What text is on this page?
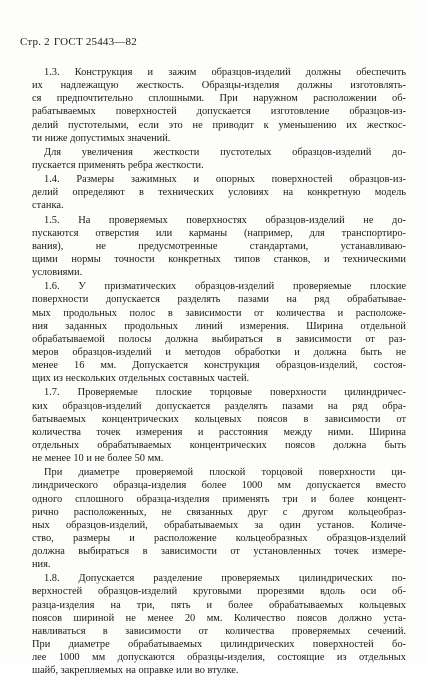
Стр. 2 ГОСТ 25443—82
1.3. Конструкция и зажим образцов-изделий должны обеспечить
их надлежащую жесткость. Образцы-изделия должны изготовлять-
ся предпочтительно сплошными. При наружном расположении об-
рабатываемых поверхностей допускается изготовление образцов-из-
делий пустотелыми, если это не приводит к уменьшению их жесткос-
ти ниже допустимых значений.
Для увеличения жесткости пустотелых образцов-изделий до-
пускается применять ребра жесткости.
1.4. Размеры зажимных и опорных поверхностей образцов-из-
делий определяют в технических условиях на конкретную модель
станка.
1.5. На проверяемых поверхностях образцов-изделий не до-
пускаются отверстия или карманы (например, для транспортиро-
вания), не предусмотренные стандартами, устанавливаю-
щими нормы точности конкретных типов станков, и техническими
условиями.
1.6. У призматических образцов-изделий проверяемые плоские
поверхности допускается разделять пазами на ряд обрабатывае-
мых продольных полос в зависимости от количества и расположе-
ния заданных продольных линий измерения. Ширина отдельной
обрабатываемой полосы должна выбираться в зависимости от раз-
меров образцов-изделий и методов обработки и должна быть не
менее 16 мм. Допускается конструкция образцов-изделий, состоя-
щих из нескольких отдельных составных частей.
1.7. Проверяемые плоские торцовые поверхности цилиндричес-
ких образцов-изделий допускается разделять пазами на ряд обра-
батываемых концентрических кольцевых поясов в зависимости от
количества точек измерения и расстояния между ними. Ширина
отдельных обрабатываемых концентрических поясов должна быть
не менее 10 и не более 50 мм.
При диаметре проверяемой плоской торцовой поверхности ци-
линдрического образца-изделия более 1000 мм допускается вместо
одного сплошного образца-изделия применять три и более концент-
рично расположенных, не связанных друг с другом кольцеобраз-
ных образцов-изделий, обрабатываемых за один установ. Количе-
ство, размеры и расположение кольцеобразных образцов-изделий
должна выбираться в зависимости от установленных точек измере-
ния.
1.8. Допускается разделение проверяемых цилиндрических по-
верхностей образцов-изделий круговыми прорезями вдоль оси об-
разца-изделия на три, пять и более обрабатываемых кольцевых
поясов шириной не менее 20 мм. Количество поясов должно уста-
навливаться в зависимости от количества проверяемых сечений.
При диаметре обрабатываемых цилиндрических поверхностей бо-
лее 1000 мм допускаются образцы-изделия, состоящие из отдельных
шайб, закрепляемых на оправке или во втулке.
